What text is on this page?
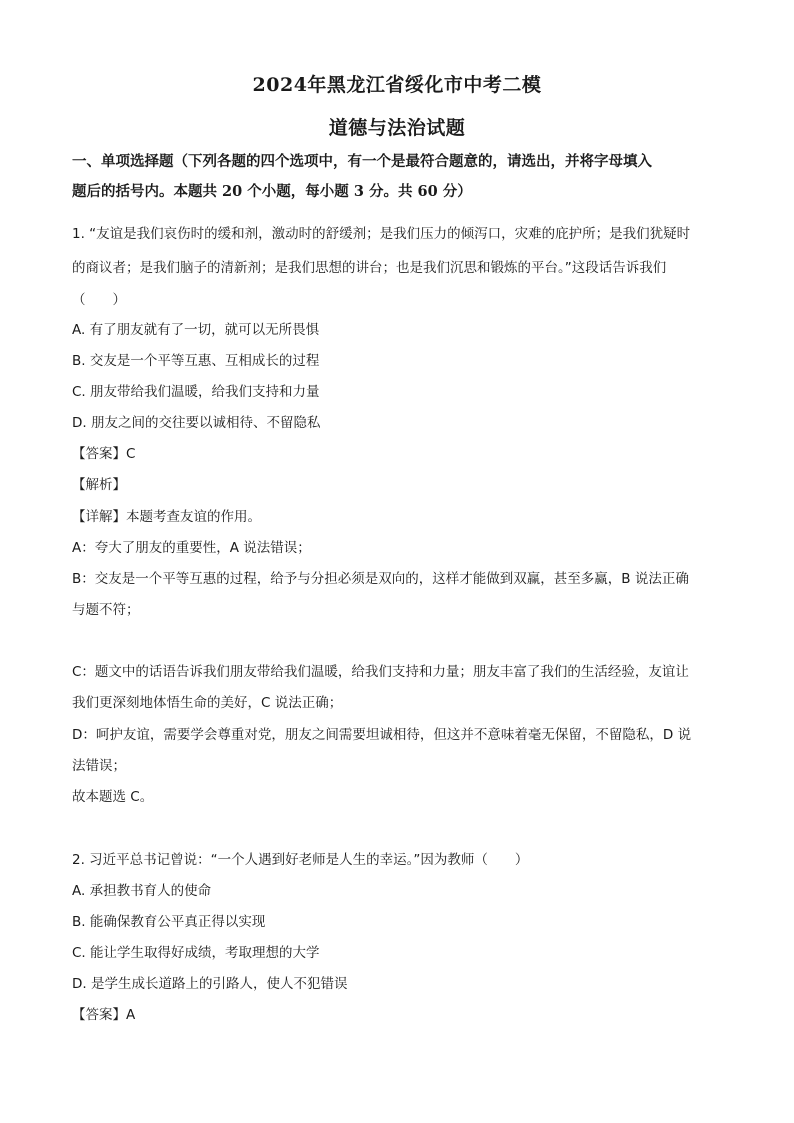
2024年黑龙江省绥化市中考二模
道德与法治试题
一、单项选择题（下列各题的四个选项中，有一个是最符合题意的，请选出，并将字母填入
题后的括号内。本题共 20 个小题，每小题 3 分。共 60 分）
1. “友谊是我们哀伤时的缓和剂，激动时的舒缓剂；是我们压力的倾泻口，灾难的庇护所；是我们犹疑时
的商议者；是我们脑子的清新剂；是我们思想的讲台；也是我们沉思和锻炼的平台。”这段话告诉我们
（　　）
A. 有了朋友就有了一切，就可以无所畏惧
B. 交友是一个平等互惠、互相成长的过程
C. 朋友带给我们温暖，给我们支持和力量
D. 朋友之间的交往要以诚相待、不留隐私
【答案】C
【解析】
【详解】本题考查友谊的作用。
A：夸大了朋友的重要性，A 说法错误；
B：交友是一个平等互惠的过程，给予与分担必须是双向的，这样才能做到双赢，甚至多赢，B 说法正确
与题不符；
C：题文中的话语告诉我们朋友带给我们温暖，给我们支持和力量；朋友丰富了我们的生活经验，友谊让
我们更深刻地体悟生命的美好，C 说法正确；
D：呵护友谊，需要学会尊重对党，朋友之间需要坦诚相待，但这并不意味着毫无保留，不留隐私，D 说
法错误；
故本题选 C。
2. 习近平总书记曾说：“一个人遇到好老师是人生的幸运。”因为教师（　　）
A. 承担教书育人的使命
B. 能确保教育公平真正得以实现
C. 能让学生取得好成绩，考取理想的大学
D. 是学生成长道路上的引路人，使人不犯错误
【答案】A
